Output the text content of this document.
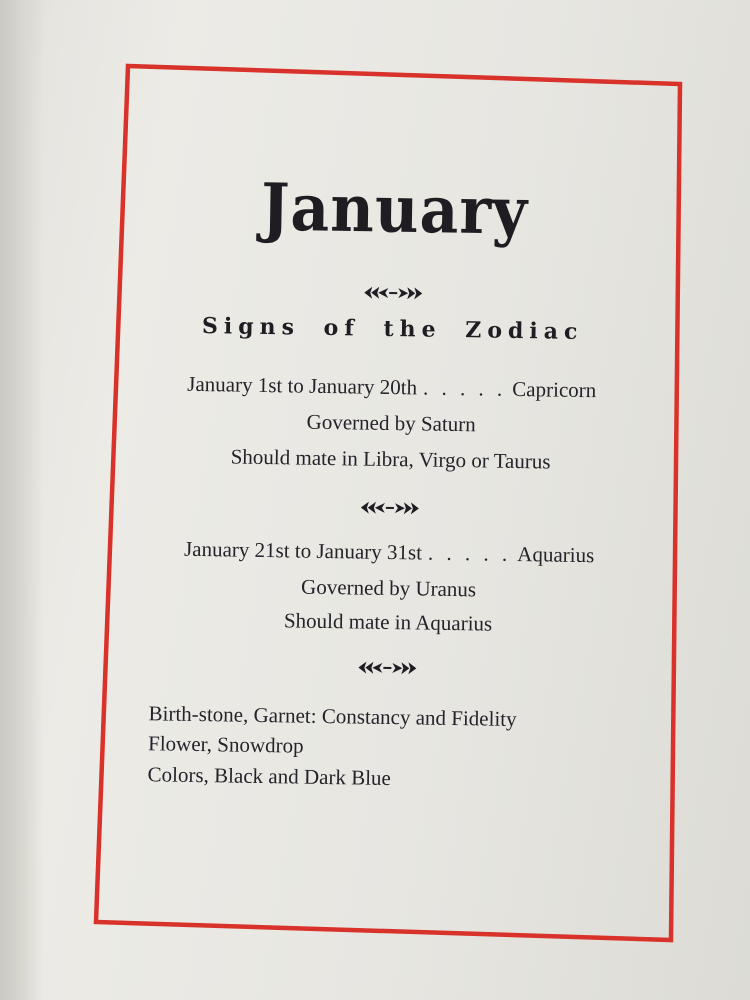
January
Signs of the Zodiac
January 1st to January 20th . . . . . Capricorn
Governed by Saturn
Should mate in Libra, Virgo or Taurus
January 21st to January 31st . . . . . Aquarius
Governed by Uranus
Should mate in Aquarius
Birth-stone, Garnet: Constancy and Fidelity
Flower, Snowdrop
Colors, Black and Dark Blue
